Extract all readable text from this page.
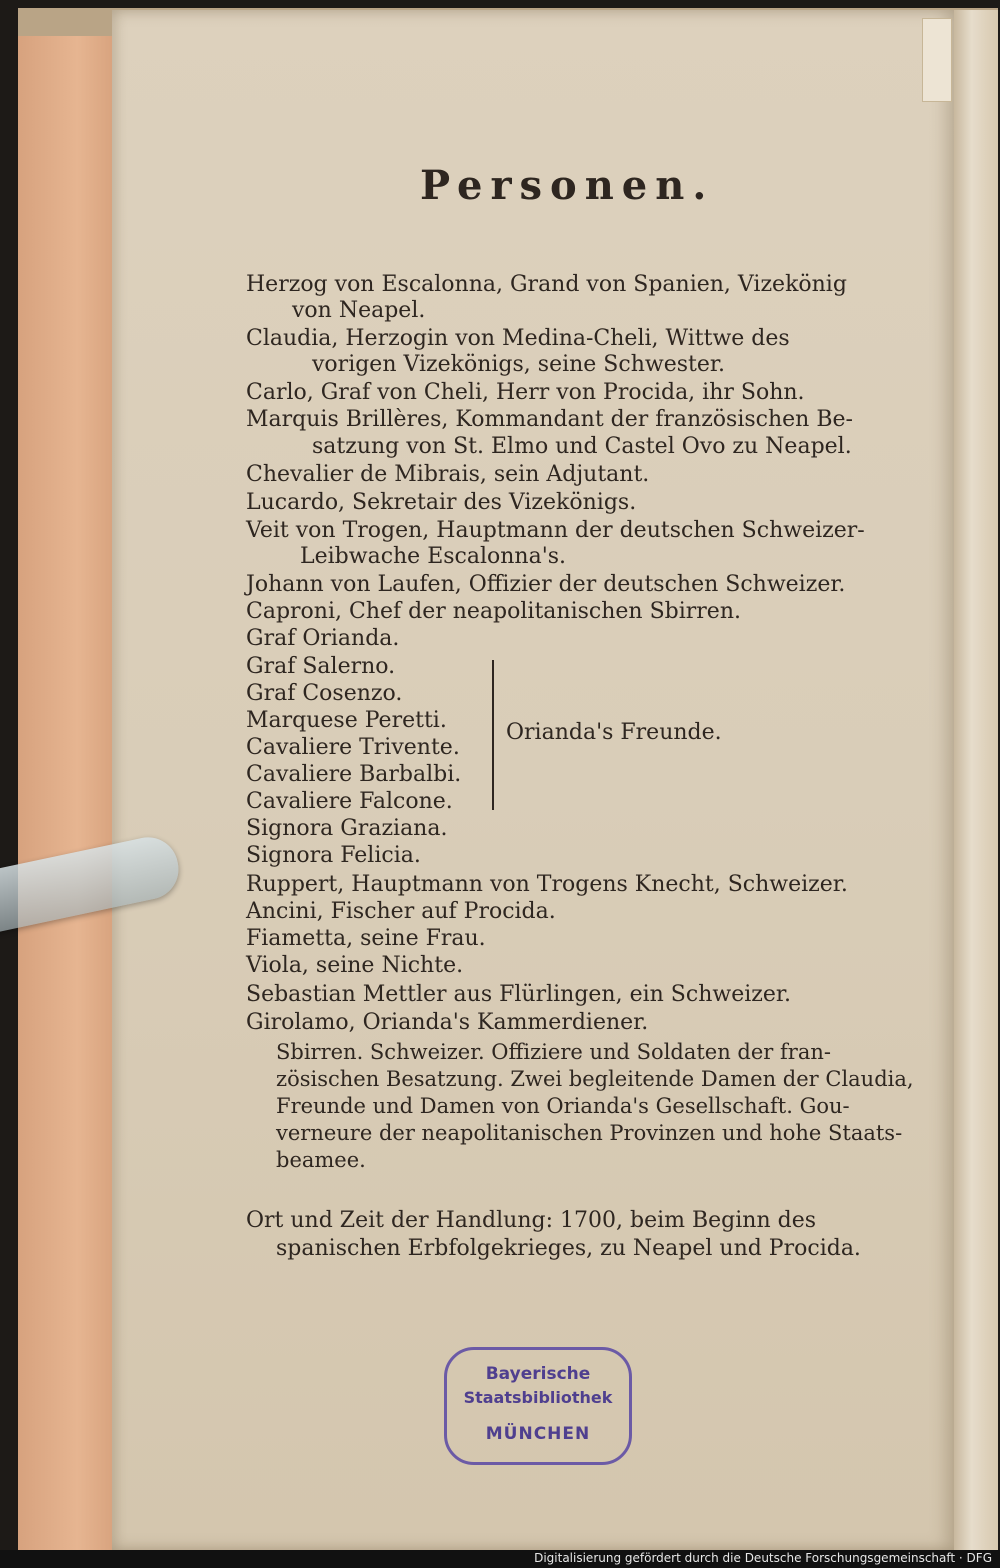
Personen.
Herzog von Escalonna, Grand von Spanien, Vizekönig
von Neapel.
Claudia, Herzogin von Medina-Cheli, Wittwe des
vorigen Vizekönigs, seine Schwester.
Carlo, Graf von Cheli, Herr von Procida, ihr Sohn.
Marquis Brillères, Kommandant der französischen Be-
satzung von St. Elmo und Castel Ovo zu Neapel.
Chevalier de Mibrais, sein Adjutant.
Lucardo, Sekretair des Vizekönigs.
Veit von Trogen, Hauptmann der deutschen Schweizer-
Leibwache Escalonna's.
Johann von Laufen, Offizier der deutschen Schweizer.
Caproni, Chef der neapolitanischen Sbirren.
Graf Orianda.
Graf Salerno.
Graf Cosenzo.
Marquese Peretti.
Cavaliere Trivente.
Cavaliere Barbalbi.
Cavaliere Falcone.
Signora Graziana.
Signora Felicia.
Ruppert, Hauptmann von Trogens Knecht, Schweizer.
Ancini, Fischer auf Procida.
Fiametta, seine Frau.
Viola, seine Nichte.
Sebastian Mettler aus Flürlingen, ein Schweizer.
Girolamo, Orianda's Kammerdiener.
Sbirren. Schweizer. Offiziere und Soldaten der fran-
zösischen Besatzung. Zwei begleitende Damen der Claudia,
Freunde und Damen von Orianda's Gesellschaft. Gou-
verneure der neapolitanischen Provinzen und hohe Staats-
beamee.
Ort und Zeit der Handlung: 1700, beim Beginn des
spanischen Erbfolgekrieges, zu Neapel und Procida.
Orianda's Freunde.
Bayerische
Staatsbibliothek
MÜNCHEN
Digitalisierung gefördert durch die Deutsche Forschungsgemeinschaft · DFG
